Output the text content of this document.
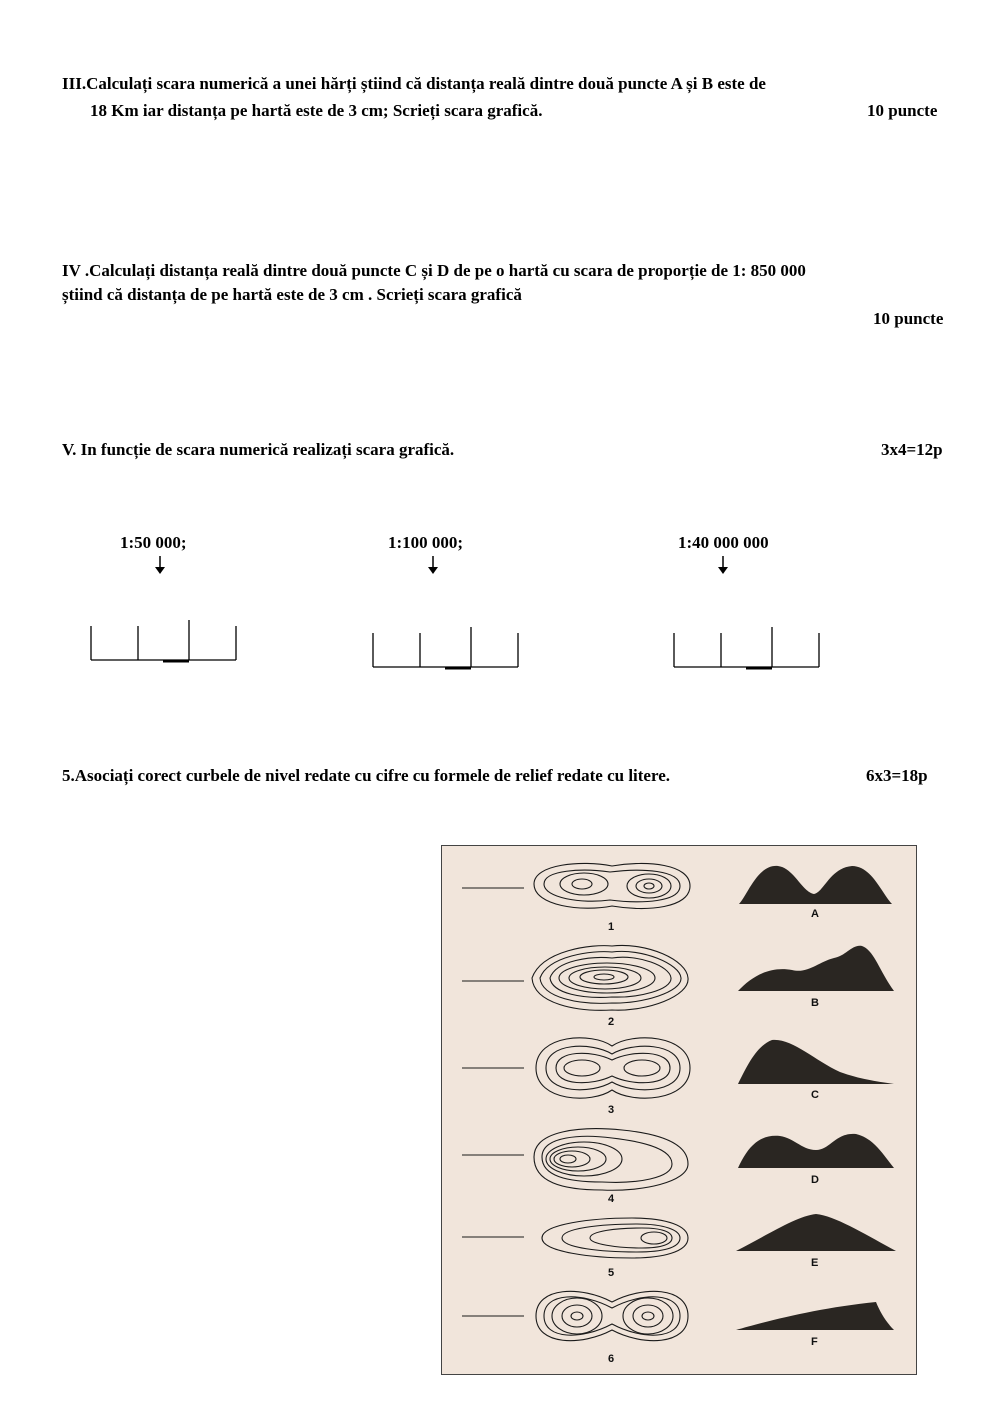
III.Calculați scara numerică a unei hărți știind că distanța reală dintre două puncte A și B este de
18 Km iar distanța pe hartă este de 3 cm; Scrieți scara grafică.	10 puncte
IV .Calculați distanța reală dintre două puncte C și D de pe o hartă cu scara de proporție de 1: 850 000
știind că distanța de pe hartă este de 3 cm . Scrieți scara grafică
10 puncte
V. In funcție de scara numerică realizați scara grafică.	3x4=12p
1:50 000;	1:100 000;	1:40 000 000
5.Asociați corect curbele de nivel redate cu cifre cu formele de relief redate cu litere.	6x3=18p
1
2
3
4
5
6
A
B
C
D
E
F
